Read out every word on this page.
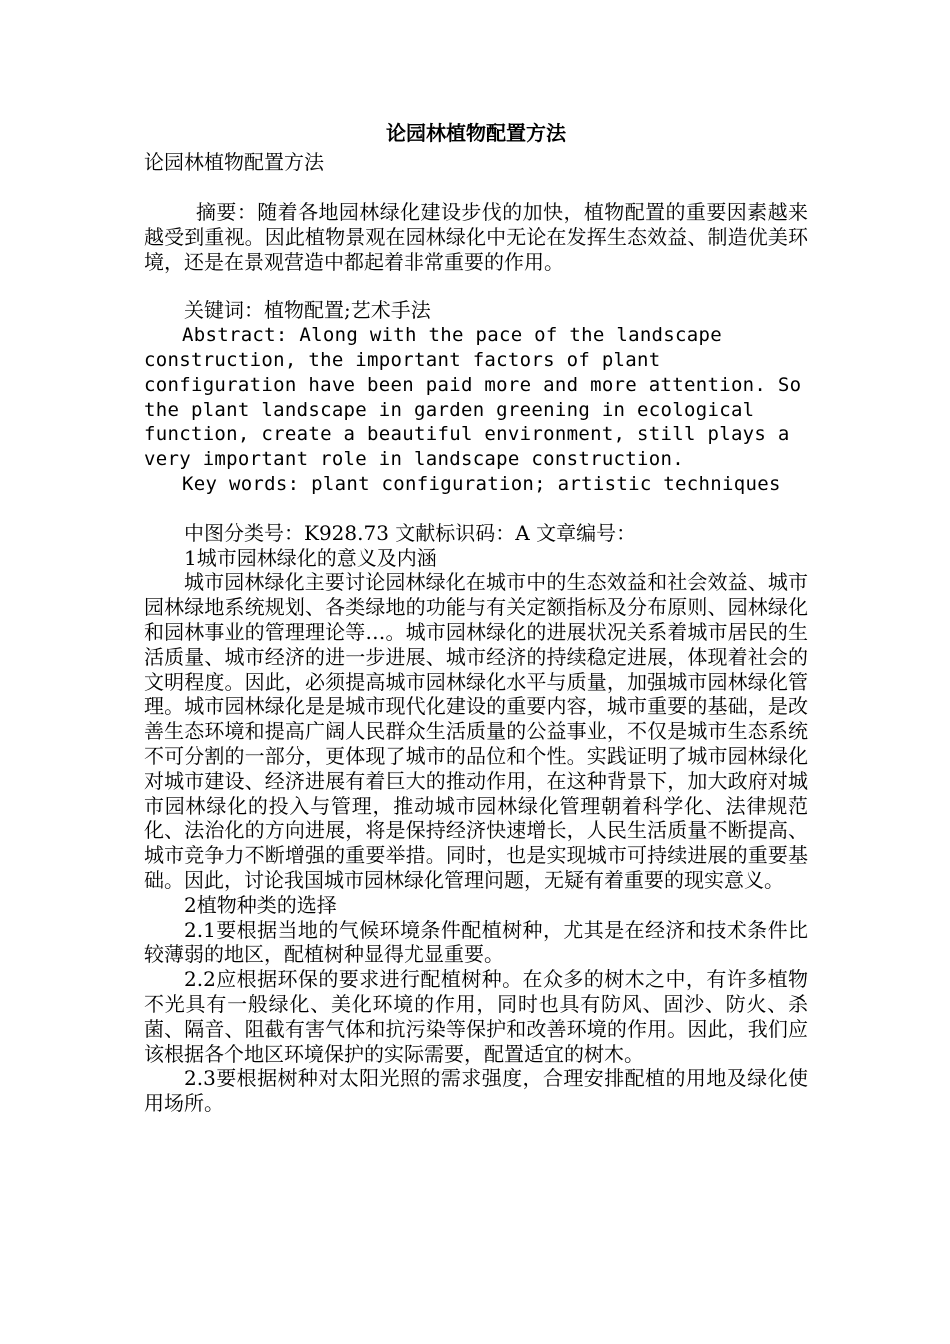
论园林植物配置方法

论园林植物配置方法

摘要：随着各地园林绿化建设步伐的加快，植物配置的重要因素越来越受到重视。因此植物景观在园林绿化中无论在发挥生态效益、制造优美环境，还是在景观营造中都起着非常重要的作用。

关键词：植物配置;艺术手法

Abstract: Along with the pace of the landscape construction, the important factors of plant configuration have been paid more and more attention. So the plant landscape in garden greening in ecological function, create a beautiful environment, still plays a very important role in landscape construction.

Key words: plant configuration; artistic techniques

中图分类号：K928.73 文献标识码：A 文章编号：

1城市园林绿化的意义及内涵

城市园林绿化主要讨论园林绿化在城市中的生态效益和社会效益、城市园林绿地系统规划、各类绿地的功能与有关定额指标及分布原则、园林绿化和园林事业的管理理论等…。城市园林绿化的进展状况关系着城市居民的生活质量、城市经济的进一步进展、城市经济的持续稳定进展，体现着社会的文明程度。因此，必须提高城市园林绿化水平与质量，加强城市园林绿化管理。城市园林绿化是是城市现代化建设的重要内容，城市重要的基础，是改善生态环境和提高广阔人民群众生活质量的公益事业，不仅是城市生态系统不可分割的一部分，更体现了城市的品位和个性。实践证明了城市园林绿化对城市建设、经济进展有着巨大的推动作用，在这种背景下，加大政府对城市园林绿化的投入与管理，推动城市园林绿化管理朝着科学化、法律规范化、法治化的方向进展，将是保持经济快速增长，人民生活质量不断提高、城市竞争力不断增强的重要举措。同时，也是实现城市可持续进展的重要基础。因此，讨论我国城市园林绿化管理问题，无疑有着重要的现实意义。

2植物种类的选择

2.1要根据当地的气候环境条件配植树种，尤其是在经济和技术条件比较薄弱的地区，配植树种显得尤显重要。

2.2应根据环保的要求进行配植树种。在众多的树木之中，有许多植物不光具有一般绿化、美化环境的作用，同时也具有防风、固沙、防火、杀菌、隔音、阻截有害气体和抗污染等保护和改善环境的作用。因此，我们应该根据各个地区环境保护的实际需要，配置适宜的树木。

2.3要根据树种对太阳光照的需求强度，合理安排配植的用地及绿化使用场所。
